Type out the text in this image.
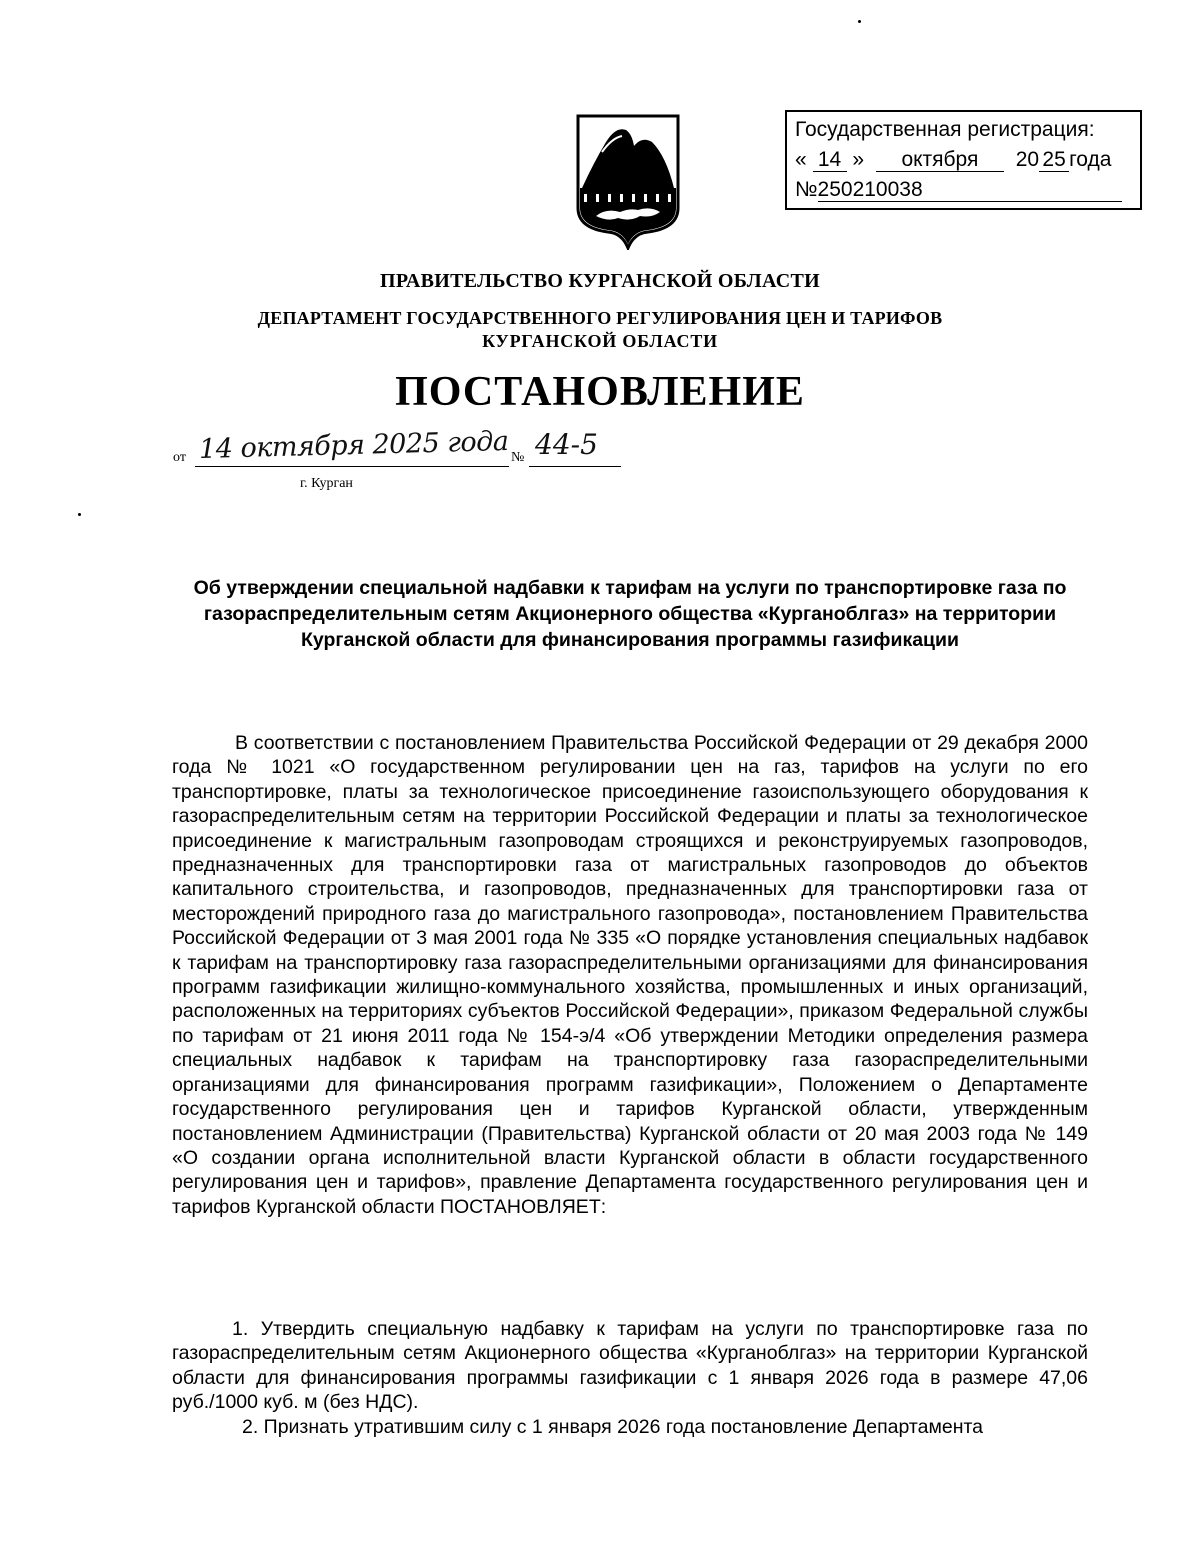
Государственная регистрация:
« 14 » октября 20 25 года
№250210038
ПРАВИТЕЛЬСТВО КУРГАНСКОЙ ОБЛАСТИ
ДЕПАРТАМЕНТ ГОСУДАРСТВЕННОГО РЕГУЛИРОВАНИЯ ЦЕН И ТАРИФОВ
КУРГАНСКОЙ ОБЛАСТИ
ПОСТАНОВЛЕНИЕ
от 14 октября 2025 года № 44-5
г. Курган
Об утверждении специальной надбавки к тарифам на услуги по транспортировке газа по газораспределительным сетям Акционерного общества «Курганоблгаз» на территории Курганской области для финансирования программы газификации
В соответствии с постановлением Правительства Российской Федерации от 29 декабря 2000 года № 1021 «О государственном регулировании цен на газ, тарифов на услуги по его транспортировке, платы за технологическое присоединение газоиспользующего оборудования к газораспределительным сетям на территории Российской Федерации и платы за технологическое присоединение к магистральным газопроводам строящихся и реконструируемых газопроводов, предназначенных для транспортировки газа от магистральных газопроводов до объектов капитального строительства, и газопроводов, предназначенных для транспортировки газа от месторождений природного газа до магистрального газопровода», постановлением Правительства Российской Федерации от 3 мая 2001 года № 335 «О порядке установления специальных надбавок к тарифам на транспортировку газа газораспределительными организациями для финансирования программ газификации жилищно-коммунального хозяйства, промышленных и иных организаций, расположенных на территориях субъектов Российской Федерации», приказом Федеральной службы по тарифам от 21 июня 2011 года № 154-э/4 «Об утверждении Методики определения размера специальных надбавок к тарифам на транспортировку газа газораспределительными организациями для финансирования программ газификации», Положением о Департаменте государственного регулирования цен и тарифов Курганской области, утвержденным постановлением Администрации (Правительства) Курганской области от 20 мая 2003 года № 149 «О создании органа исполнительной власти Курганской области в области государственного регулирования цен и тарифов», правление Департамента государственного регулирования цен и тарифов Курганской области ПОСТАНОВЛЯЕТ:
1. Утвердить специальную надбавку к тарифам на услуги по транспортировке газа по газораспределительным сетям Акционерного общества «Курганоблгаз» на территории Курганской области для финансирования программы газификации с 1 января 2026 года в размере 47,06 руб./1000 куб. м (без НДС).
2. Признать утратившим силу с 1 января 2026 года постановление Департамента
